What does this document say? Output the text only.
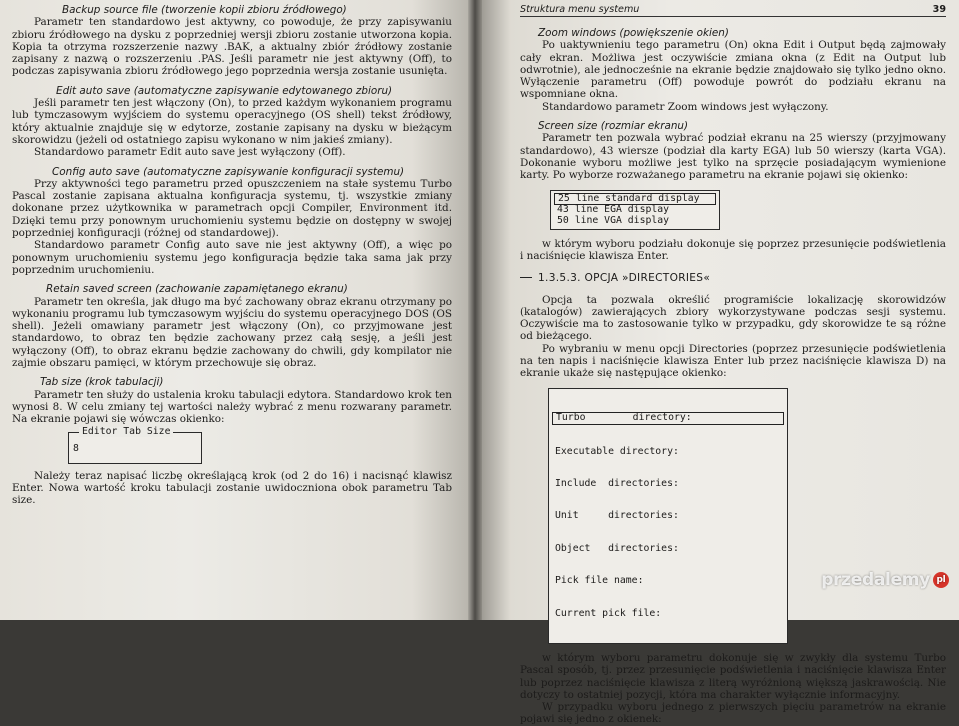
Backup source file (tworzenie kopii zbioru źródłowego)

Parametr ten standardowo jest aktywny, co powoduje, że przy zapisywaniu zbioru źródłowego na dysku z poprzedniej wersji zbioru zostanie utworzona kopia. Kopia ta otrzyma rozszerzenie nazwy .BAK, a aktualny zbiór źródłowy zostanie zapisany z nazwą o rozszerzeniu .PAS. Jeśli parametr nie jest aktywny (Off), to podczas zapisywania zbioru źródłowego jego poprzednia wersja zostanie usunięta.

Edit auto save (automatyczne zapisywanie edytowanego zbioru)

Jeśli parametr ten jest włączony (On), to przed każdym wykonaniem programu lub tymczasowym wyjściem do systemu operacyjnego (OS shell) tekst źródłowy, który aktualnie znajduje się w edytorze, zostanie zapisany na dysku w bieżącym skorowidzu (jeżeli od ostatniego zapisu wykonano w nim jakieś zmiany).

Standardowo parametr Edit auto save jest wyłączony (Off).

Config auto save (automatyczne zapisywanie konfiguracji systemu)

Przy aktywności tego parametru przed opuszczeniem na stałe systemu Turbo Pascal zostanie zapisana aktualna konfiguracja systemu, tj. wszystkie zmiany dokonane przez użytkownika w parametrach opcji Compiler, Environment itd. Dzięki temu przy ponownym uruchomieniu systemu będzie on dostępny w swojej poprzedniej konfiguracji (różnej od standardowej).

Standardowo parametr Config auto save nie jest aktywny (Off), a więc po ponownym uruchomieniu systemu jego konfiguracja będzie taka sama jak przy poprzednim uruchomieniu.

Retain saved screen (zachowanie zapamiętanego ekranu)

Parametr ten określa, jak długo ma być zachowany obraz ekranu otrzymany po wykonaniu programu lub tymczasowym wyjściu do systemu operacyjnego DOS (OS shell). Jeżeli omawiany parametr jest włączony (On), co przyjmowane jest standardowo, to obraz ten będzie zachowany przez całą sesję, a jeśli jest wyłączony (Off), to obraz ekranu będzie zachowany do chwili, gdy kompilator nie zajmie obszaru pamięci, w którym przechowuje się obraz.

Tab size (krok tabulacji)

Parametr ten służy do ustalenia kroku tabulacji edytora. Standardowo krok ten wynosi 8. W celu zmiany tej wartości należy wybrać z menu rozwarany parametr. Na ekranie pojawi się wówczas okienko:

Editor Tab Size
8

Należy teraz napisać liczbę określającą krok (od 2 do 16) i nacisnąć klawisz Enter. Nowa wartość kroku tabulacji zostanie uwidoczniona obok parametru Tab size.

Struktura menu systemu	39
Zoom windows (powiększenie okien)

Po uaktywnieniu tego parametru (On) okna Edit i Output będą zajmowały cały ekran. Możliwa jest oczywiście zmiana okna (z Edit na Output lub odwrotnie), ale jednocześnie na ekranie będzie znajdowało się tylko jedno okno. Wyłączenie parametru (Off) powoduje powrót do podziału ekranu na wspomniane okna.

Standardowo parametr Zoom windows jest wyłączony.

Screen size (rozmiar ekranu)

Parametr ten pozwala wybrać podział ekranu na 25 wierszy (przyjmowany standardowo), 43 wiersze (podział dla karty EGA) lub 50 wierszy (karta VGA). Dokonanie wyboru możliwe jest tylko na sprzęcie posiadającym wymienione karty. Po wyborze rozważanego parametru na ekranie pojawi się okienko:

25 line standard display
43 line EGA display
50 line VGA display

w którym wyboru podziału dokonuje się poprzez przesunięcie podświetlenia i naciśnięcie klawisza Enter.

1.3.5.3. OPCJA »DIRECTORIES«

Opcja ta pozwala określić programiście lokalizację skorowidzów (katalogów) zawierających zbiory wykorzystywane podczas sesji systemu. Oczywiście ma to zastosowanie tylko w przypadku, gdy skorowidze te są różne od bieżącego.

Po wybraniu w menu opcji Directories (poprzez przesunięcie podświetlenia na ten napis i naciśnięcie klawisza Enter lub przez naciśnięcie klawisza D) na ekranie ukaże się następujące okienko:

Turbo        directory:

Executable directory:

Include  directories:

Unit     directories:

Object   directories:

Pick file name:

Current pick file:

w którym wyboru parametru dokonuje się w zwykły dla systemu Turbo Pascal sposób, tj. przez przesunięcie podświetlenia i naciśnięcie klawisza Enter lub poprzez naciśnięcie klawisza z literą wyróżnioną większą jaskrawością. Nie dotyczy to ostatniej pozycji, która ma charakter wyłącznie informacyjny.

W przypadku wyboru jednego z pierwszych pięciu parametrów na ekranie pojawi się jedno z okienek:

przedalemy pl
